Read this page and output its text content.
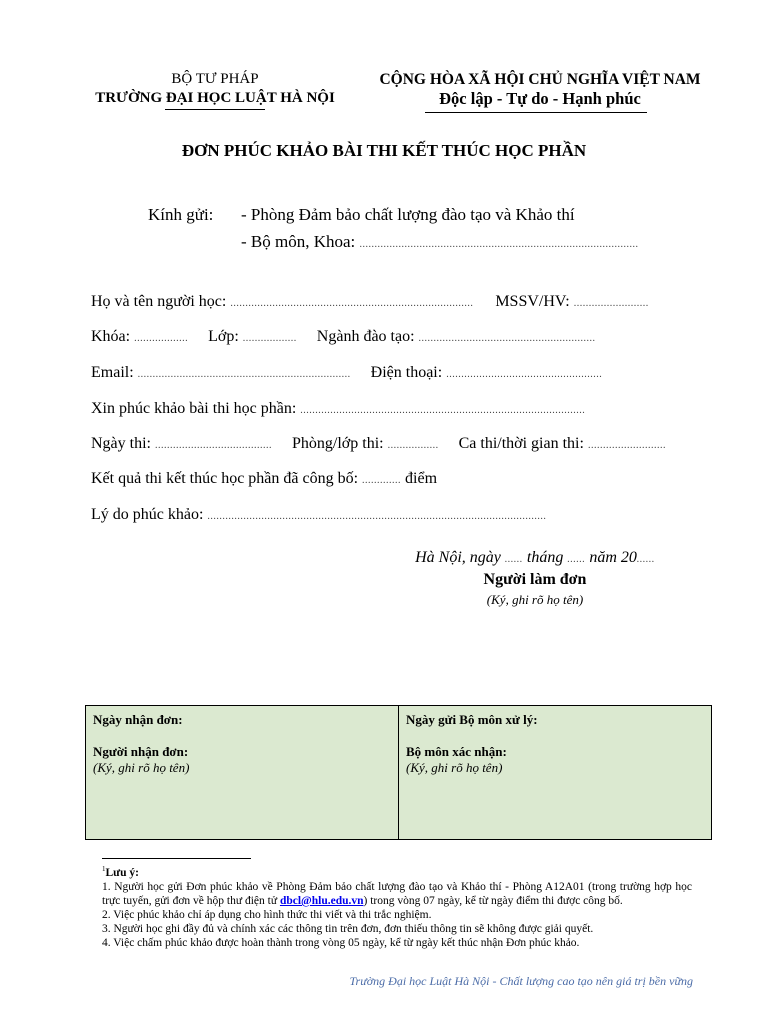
BỘ TƯ PHÁP
TRƯỜNG ĐẠI HỌC LUẬT HÀ NỘI
CỘNG HÒA XÃ HỘI CHỦ NGHĨA VIỆT NAM
Độc lập - Tự do - Hạnh phúc
ĐƠN PHÚC KHẢO BÀI THI KẾT THÚC HỌC PHẦN
Kính gửi: - Phòng Đảm bảo chất lượng đào tạo và Khảo thí
- Bộ môn, Khoa: .............................................................................................
Họ và tên người học: ................................................................................. MSSV/HV: .........................
Khóa: .................. Lớp: .................. Ngành đào tạo: ...........................................................
Email: ....................................................................... Điện thoại: ....................................................
Xin phúc khảo bài thi học phần: ...............................................................................................
Ngày thi: ....................................... Phòng/lớp thi: ................. Ca thi/thời gian thi: ..........................
Kết quả thi kết thúc học phần đã công bố: ............. điểm
Lý do phúc khảo: .................................................................................................................
Hà Nội, ngày ...... tháng ...... năm 20......
Người làm đơn
(Ký, ghi rõ họ tên)
Ngày nhận đơn:
Người nhận đơn:
(Ký, ghi rõ họ tên)
Ngày gửi Bộ môn xử lý:
Bộ môn xác nhận:
(Ký, ghi rõ họ tên)
$^1$Lưu ý:
1. Người học gửi Đơn phúc khảo về Phòng Đảm bảo chất lượng đào tạo và Khảo thí - Phòng A12A01 (trong trường hợp học trực tuyến, gửi đơn về hộp thư điện tử dbcl@hlu.edu.vn) trong vòng 07 ngày, kể từ ngày điểm thi được công bố.
2. Việc phúc khảo chỉ áp dụng cho hình thức thi viết và thi trắc nghiệm.
3. Người học ghi đầy đủ và chính xác các thông tin trên đơn, đơn thiếu thông tin sẽ không được giải quyết.
4. Việc chấm phúc khảo được hoàn thành trong vòng 05 ngày, kể từ ngày kết thúc nhận Đơn phúc khảo.
Trường Đại học Luật Hà Nội - Chất lượng cao tạo nên giá trị bền vững
